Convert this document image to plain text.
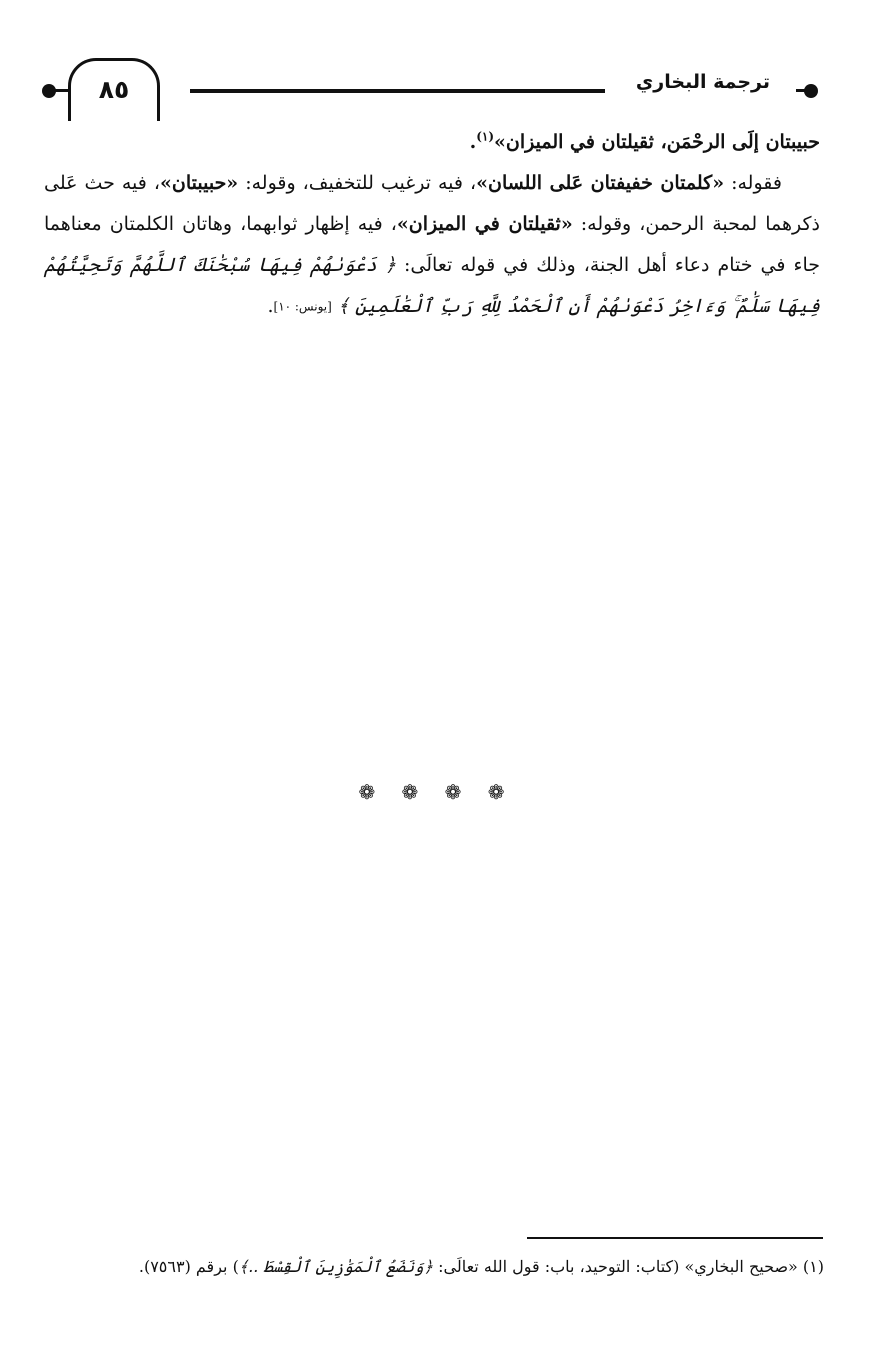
٨٥	ترجمة البخاري

حبيبتان إلَى الرحْمَن، ثقيلتان في الميزان»$^{(١)}$.

فقوله: «كلمتان خفيفتان عَلى اللسان»، فيه ترغيب للتخفيف، وقوله: «حبيبتان»، فيه حث عَلى ذكرهما لمحبة الرحمن، وقوله: «ثقيلتان في الميزان»، فيه إظهار ثوابهما، وهاتان الكلمتان معناهما جاء في ختام دعاء أهل الجنة، وذلك في قوله تعالَى: ﴿ دَعْوَىٰهُمْ فِيهَا سُبْحَٰنَكَ ٱللَّهُمَّ وَتَحِيَّتُهُمْ فِيهَا سَلَٰمٌ ۚ وَءَاخِرُ دَعْوَىٰهُمْ أَنِ ٱلْحَمْدُ لِلَّهِ رَبِّ ٱلْعَٰلَمِينَ ﴾ [يونس: ١٠].

❁ ❁ ❁ ❁
(١) «صحيح البخاري» (كتاب: التوحيد، باب: قول الله تعالَى: ﴿وَنَضَعُ ٱلْمَوَٰزِينَ ٱلْقِسْطَ ..﴾) برقم (٧٥٦٣).
